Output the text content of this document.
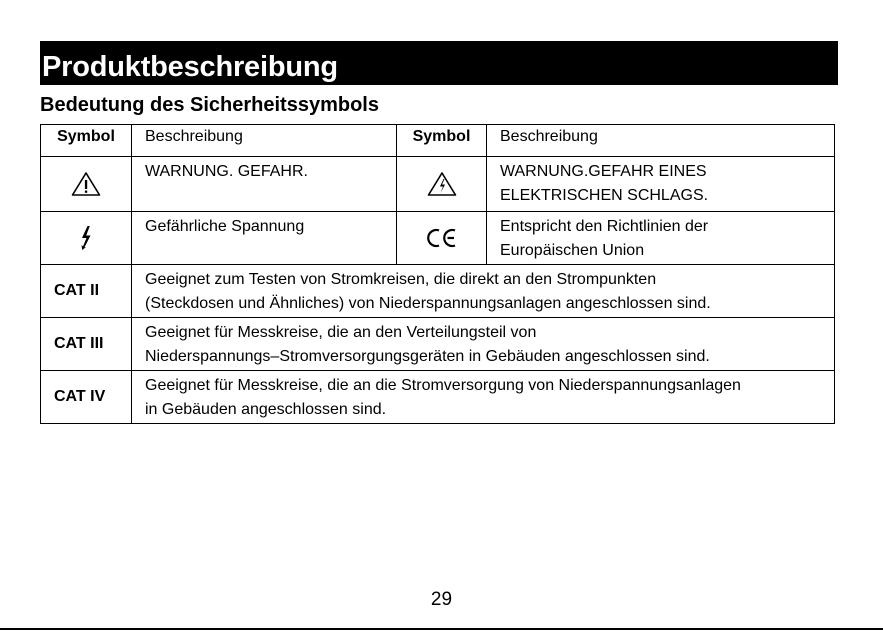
Produktbeschreibung
Bedeutung des Sicherheitssymbols
Symbol	Beschreibung	Symbol	Beschreibung
	WARNUNG. GEFAHR.		WARNUNG.GEFAHR EINES
ELEKTRISCHEN SCHLAGS.

	Gefährliche Spannung		Entspricht den Richtlinien der
Europäischen Union

CAT II	Geeignet zum Testen von Stromkreisen, die direkt an den Strompunkten
(Steckdosen und Ähnliches) von Niederspannungsanlagen angeschlossen sind.		

CAT III	Geeignet für Messkreise, die an den Verteilungsteil von
Niederspannungs–Stromversorgungsgeräten in Gebäuden angeschlossen sind.		

CAT IV	Geeignet für Messkreise, die an die Stromversorgung von Niederspannungsanlagen
in Gebäuden angeschlossen sind.		
29
